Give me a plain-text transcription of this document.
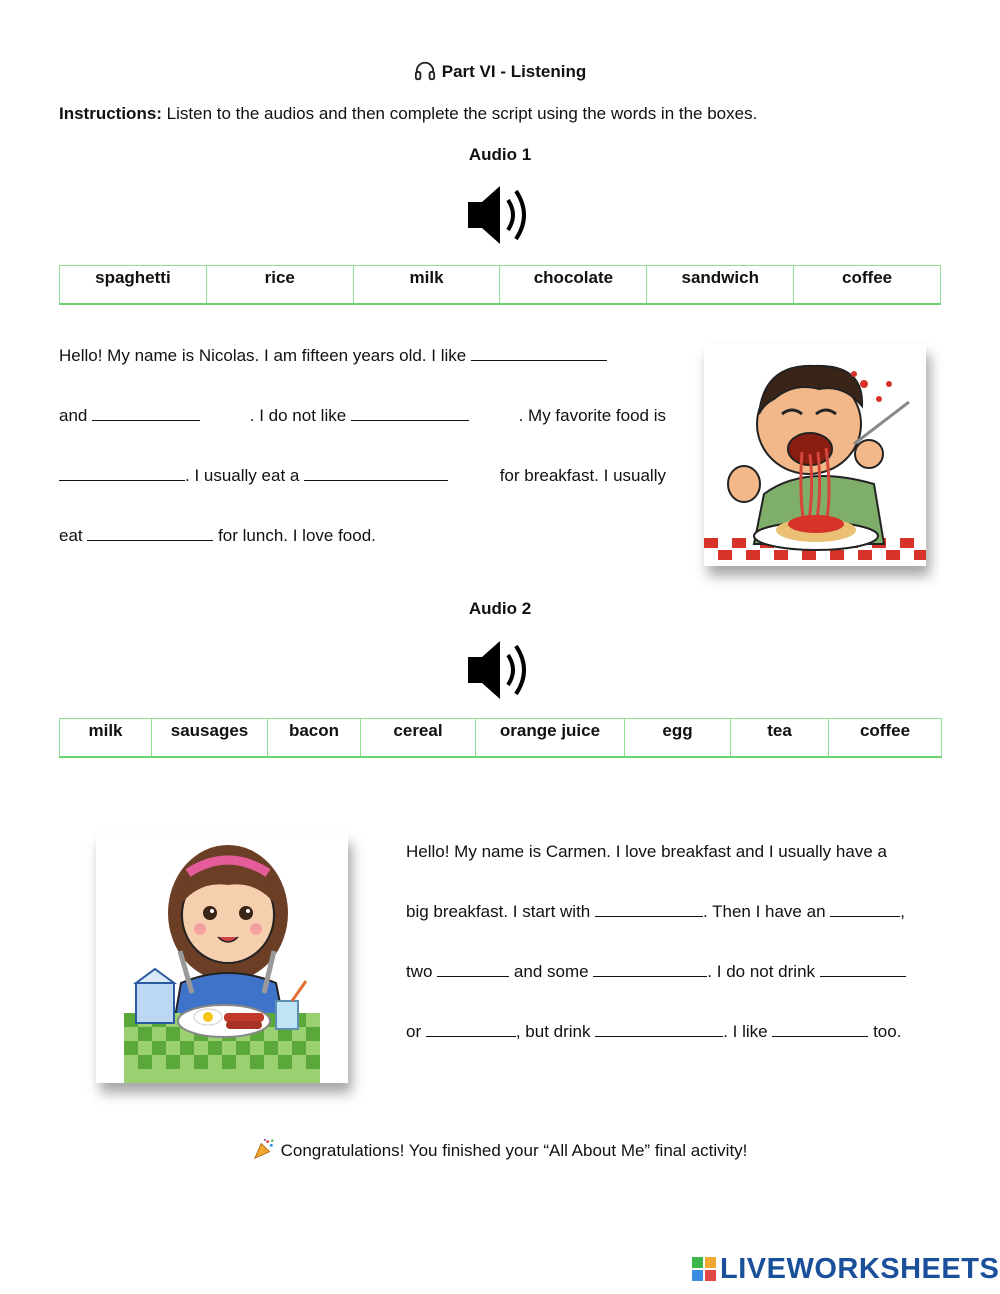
Part VI - Listening
Instructions: Listen to the audios and then complete the script using the words in the boxes.
Audio 1
spaghetti	rice	milk	chocolate	sandwich	coffee
Hello! My name is Nicolas. I am fifteen years old. I like
and	. I do not like	. My favorite food is
. I usually eat a	for breakfast. I usually
eat	for lunch. I love food.
Audio 2
milk	sausages	bacon	cereal	orange juice	egg	tea	coffee
Hello! My name is Carmen. I love breakfast and I usually have a
big breakfast. I start with	. Then I have an	,
two	and some	. I do not drink
or	, but drink	. I like	too.
Congratulations! You finished your “All About Me” final activity!
LIVEWORKSHEETS
